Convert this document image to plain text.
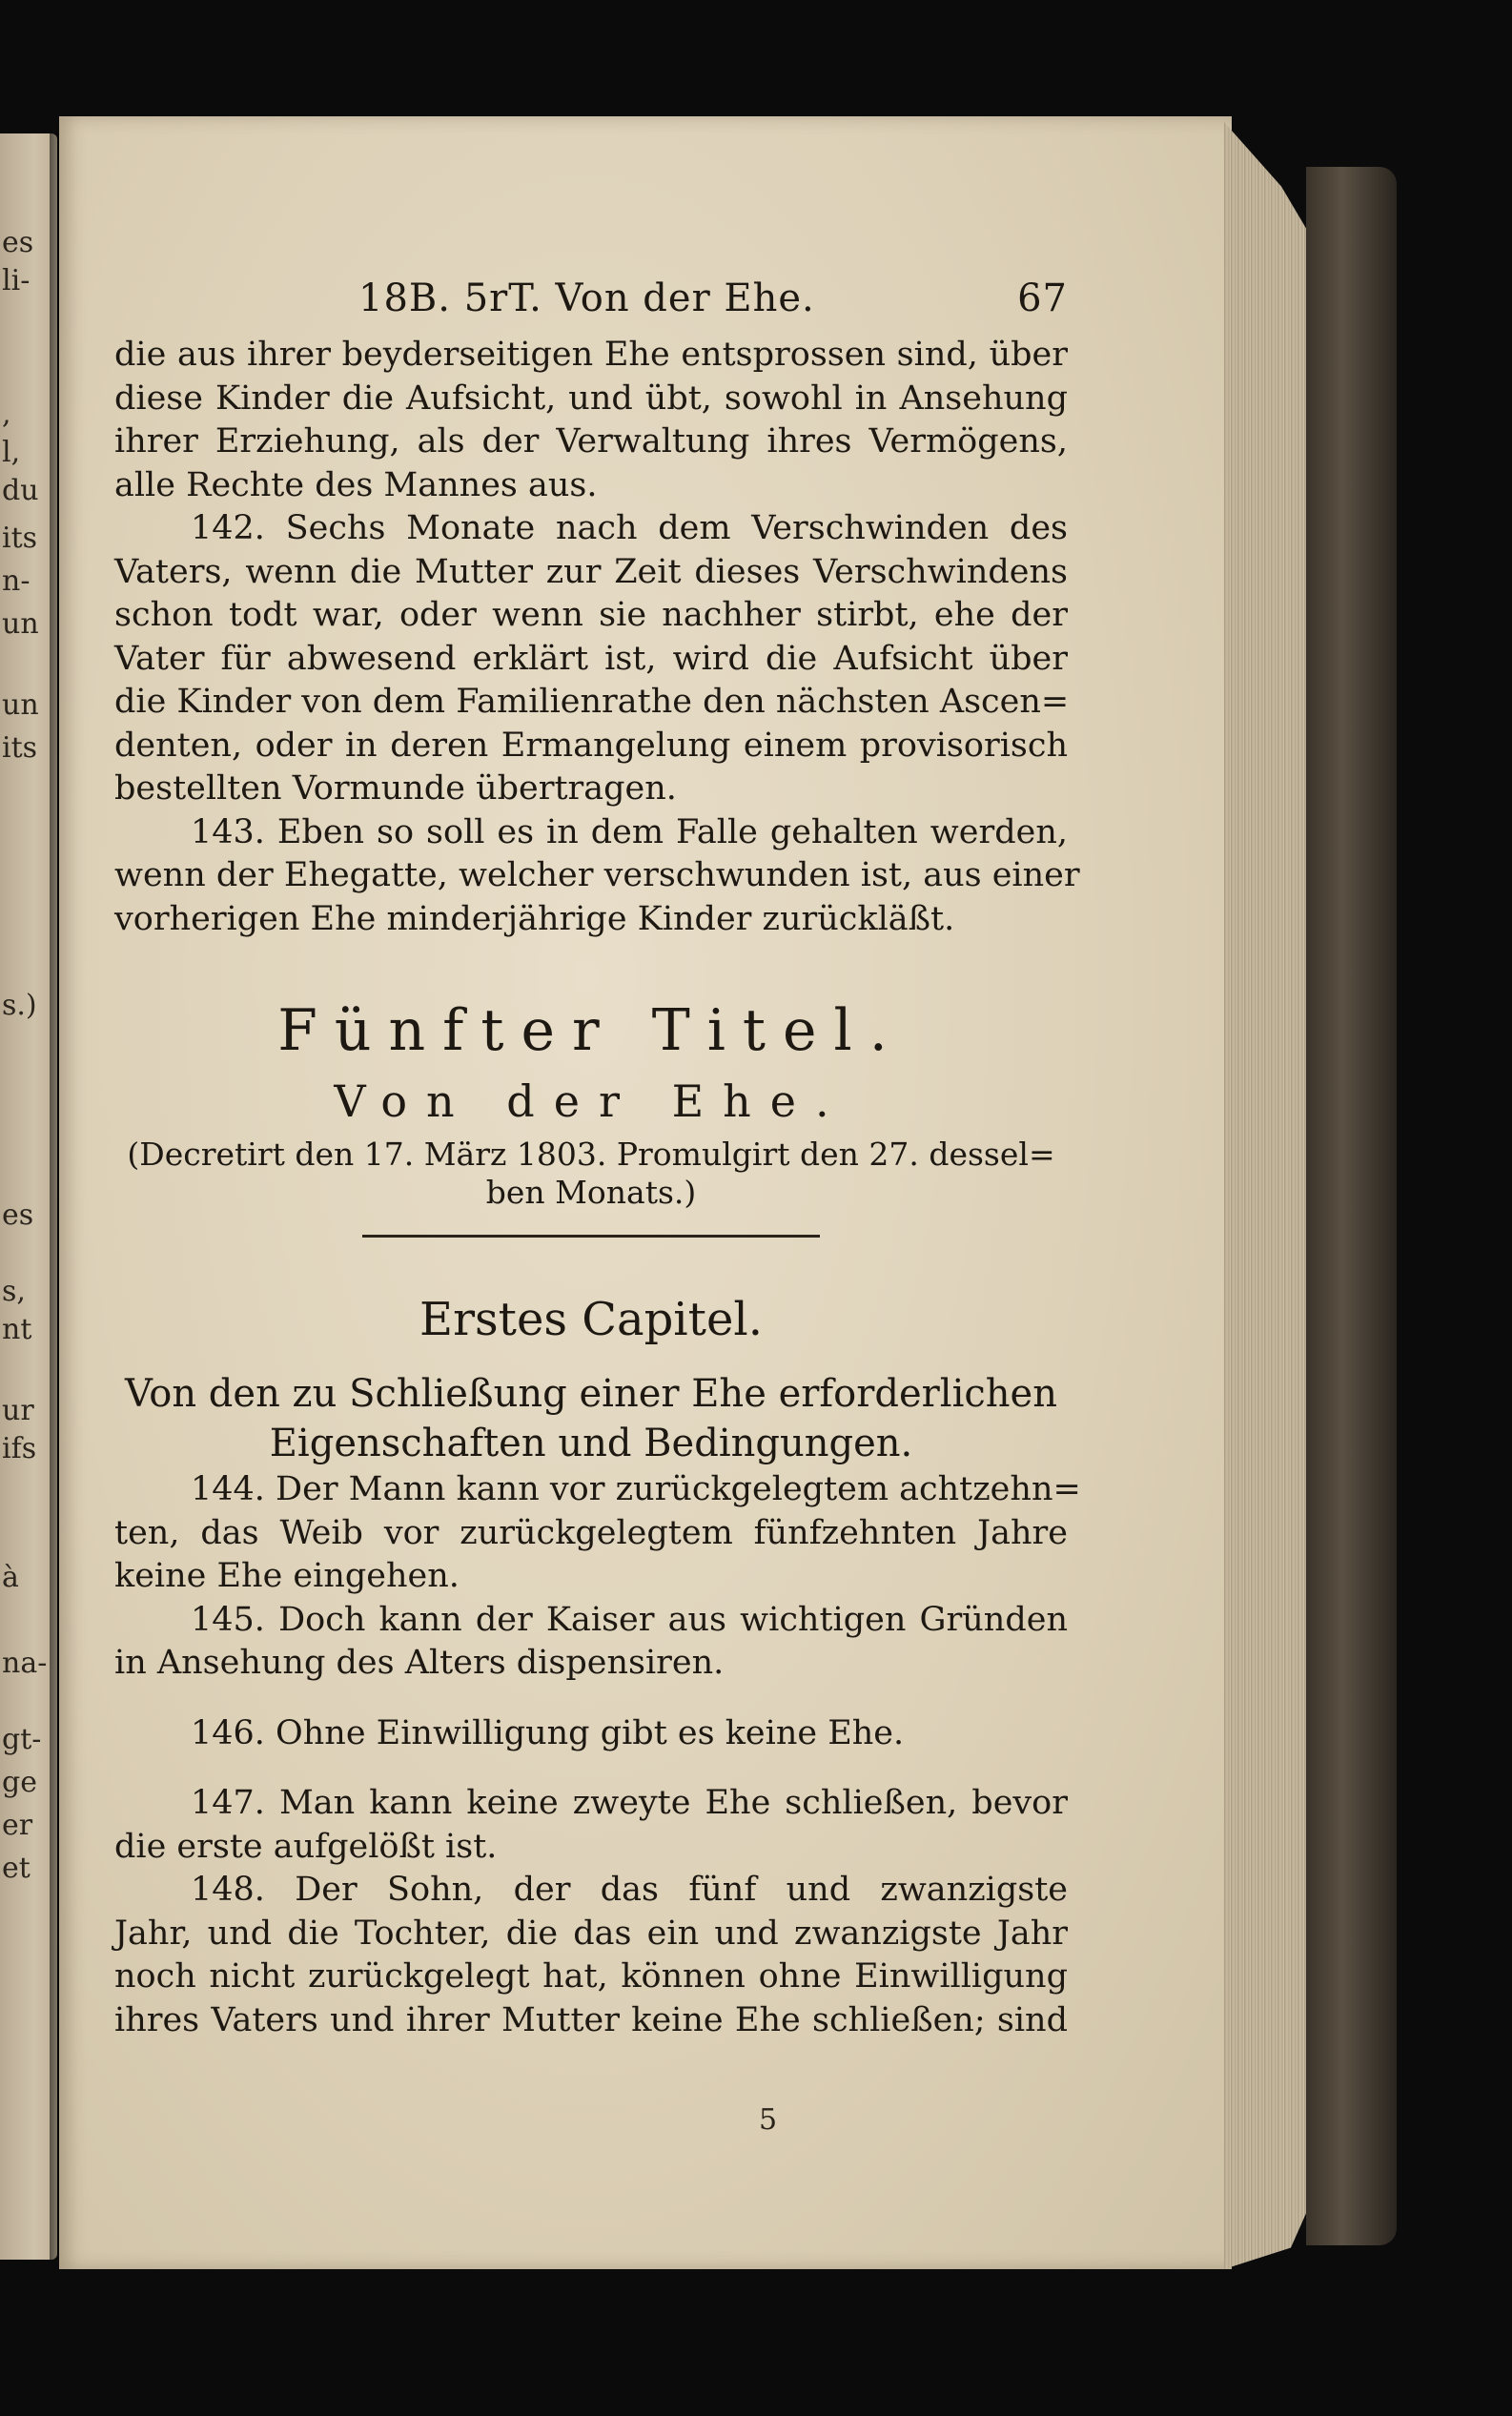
es
li-
,
l,
du
its
n-
un
un
its
s.)
es
s,
nt
ur
ifs
à
na-
gt-
ge
er
et
18B. 5rT. Von der Ehe.	67
die aus ihrer beyderseitigen Ehe entsprossen sind, über
diese Kinder die Aufsicht, und übt, sowohl in Ansehung
ihrer Erziehung, als der Verwaltung ihres Vermögens,
alle Rechte des Mannes aus.
142. Sechs Monate nach dem Verschwinden des
Vaters, wenn die Mutter zur Zeit dieses Verschwindens
schon todt war, oder wenn sie nachher stirbt, ehe der
Vater für abwesend erklärt ist, wird die Aufsicht über
die Kinder von dem Familienrathe den nächsten Ascen=
denten, oder in deren Ermangelung einem provisorisch
bestellten Vormunde übertragen.
143. Eben so soll es in dem Falle gehalten werden,
wenn der Ehegatte, welcher verschwunden ist, aus einer
vorherigen Ehe minderjährige Kinder zurückläßt.
Fünfter Titel.
Von der Ehe.
(Decretirt den 17. März 1803. Promulgirt den 27. dessel=
ben Monats.)
Erstes Capitel.
Von den zu Schließung einer Ehe erforderlichen
Eigenschaften und Bedingungen.
144. Der Mann kann vor zurückgelegtem achtzehn=
ten, das Weib vor zurückgelegtem fünfzehnten Jahre
keine Ehe eingehen.
145. Doch kann der Kaiser aus wichtigen Gründen
in Ansehung des Alters dispensiren.
146. Ohne Einwilligung gibt es keine Ehe.
147. Man kann keine zweyte Ehe schließen, bevor
die erste aufgelößt ist.
148. Der Sohn, der das fünf und zwanzigste
Jahr, und die Tochter, die das ein und zwanzigste Jahr
noch nicht zurückgelegt hat, können ohne Einwilligung
ihres Vaters und ihrer Mutter keine Ehe schließen; sind
5
